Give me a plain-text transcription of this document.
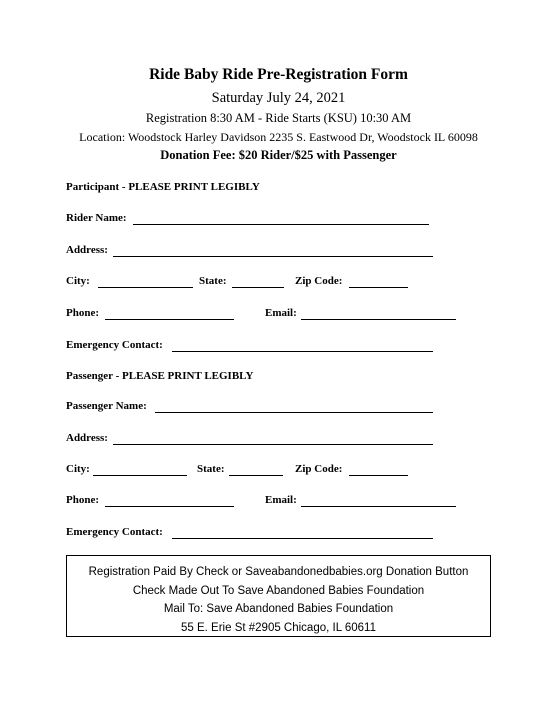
Ride Baby Ride Pre-Registration Form
Saturday July 24, 2021
Registration 8:30 AM - Ride Starts (KSU) 10:30 AM
Location: Woodstock Harley Davidson 2235 S. Eastwood Dr, Woodstock IL 60098
Donation Fee: $20 Rider/$25 with Passenger
Participant - PLEASE PRINT LEGIBLY
Rider Name:
Address:
City:	State:	Zip Code:
Phone:	Email:
Emergency Contact:
Passenger - PLEASE PRINT LEGIBLY
Passenger Name:
Address:
City:	State:	Zip Code:
Phone:	Email:
Emergency Contact:
Registration Paid By Check or Saveabandonedbabies.org Donation Button
Check Made Out To Save Abandoned Babies Foundation
Mail To: Save Abandoned Babies Foundation
55 E. Erie St #2905 Chicago, IL 60611
